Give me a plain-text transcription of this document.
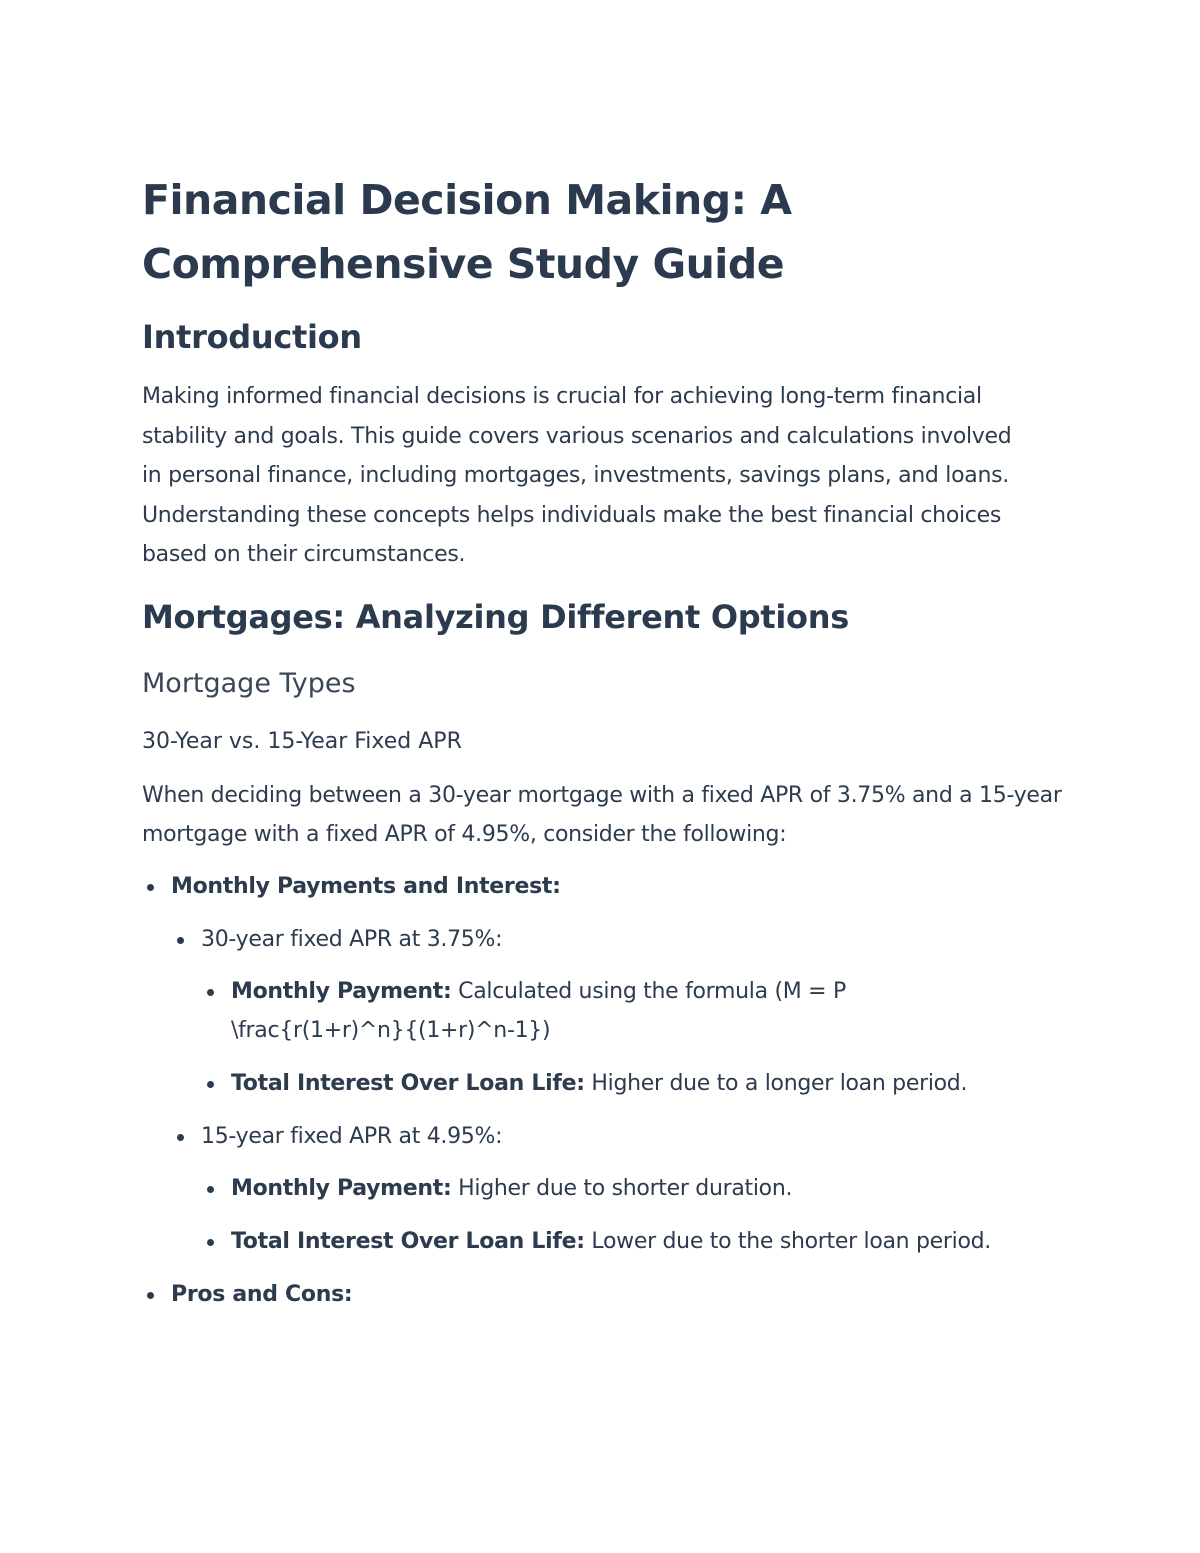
Financial Decision Making: A Comprehensive Study Guide
Introduction

Making informed financial decisions is crucial for achieving long-term financial stability and goals. This guide covers various scenarios and calculations involved in personal finance, including mortgages, investments, savings plans, and loans. Understanding these concepts helps individuals make the best financial choices based on their circumstances.

Mortgages: Analyzing Different Options
Mortgage Types
30-Year vs. 15-Year Fixed APR

When deciding between a 30-year mortgage with a fixed APR of 3.75% and a 15-year mortgage with a fixed APR of 4.95%, consider the following:

Monthly Payments and Interest:
30-year fixed APR at 3.75%:
Monthly Payment: Calculated using the formula (M = P \frac{r(1+r)^n}{(1+r)^n-1})
Total Interest Over Loan Life: Higher due to a longer loan period.
15-year fixed APR at 4.95%:
Monthly Payment: Higher due to shorter duration.
Total Interest Over Loan Life: Lower due to the shorter loan period.
Pros and Cons:
